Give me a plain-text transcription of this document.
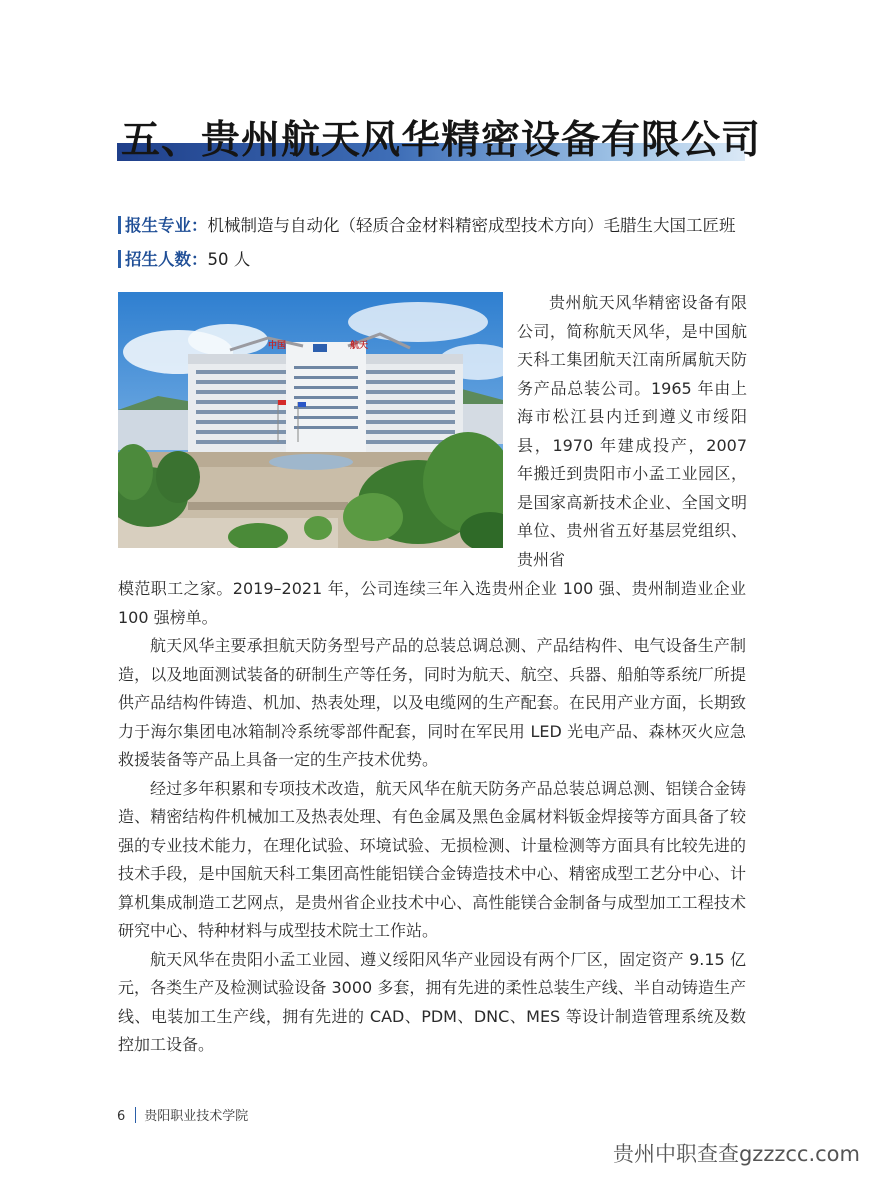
五、贵州航天风华精密设备有限公司
报生专业：机械制造与自动化（轻质合金材料精密成型技术方向）毛腊生大国工匠班
招生人数：50 人
中国	航天

贵州航天风华精密设备有限公司，简称航天风华，是中国航天科工集团航天江南所属航天防务产品总装公司。1965 年由上海市松江县内迁到遵义市绥阳县，1970 年建成投产，2007 年搬迁到贵阳市小孟工业园区，是国家高新技术企业、全国文明单位、贵州省五好基层党组织、贵州省

模范职工之家。2019–2021 年，公司连续三年入选贵州企业 100 强、贵州制造业企业 100 强榜单。

航天风华主要承担航天防务型号产品的总装总调总测、产品结构件、电气设备生产制造，以及地面测试装备的研制生产等任务，同时为航天、航空、兵器、船舶等系统厂所提供产品结构件铸造、机加、热表处理，以及电缆网的生产配套。在民用产业方面，长期致力于海尔集团电冰箱制冷系统零部件配套，同时在军民用 LED 光电产品、森林灭火应急救援装备等产品上具备一定的生产技术优势。

经过多年积累和专项技术改造，航天风华在航天防务产品总装总调总测、铝镁合金铸造、精密结构件机械加工及热表处理、有色金属及黑色金属材料钣金焊接等方面具备了较强的专业技术能力，在理化试验、环境试验、无损检测、计量检测等方面具有比较先进的技术手段，是中国航天科工集团高性能铝镁合金铸造技术中心、精密成型工艺分中心、计算机集成制造工艺网点，是贵州省企业技术中心、高性能镁合金制备与成型加工工程技术研究中心、特种材料与成型技术院士工作站。

航天风华在贵阳小孟工业园、遵义绥阳风华产业园设有两个厂区，固定资产 9.15 亿元，各类生产及检测试验设备 3000 多套，拥有先进的柔性总装生产线、半自动铸造生产线、电装加工生产线，拥有先进的 CAD、PDM、DNC、MES 等设计制造管理系统及数控加工设备。

6 贵阳职业技术学院
贵州中职查查gzzzcc.com
